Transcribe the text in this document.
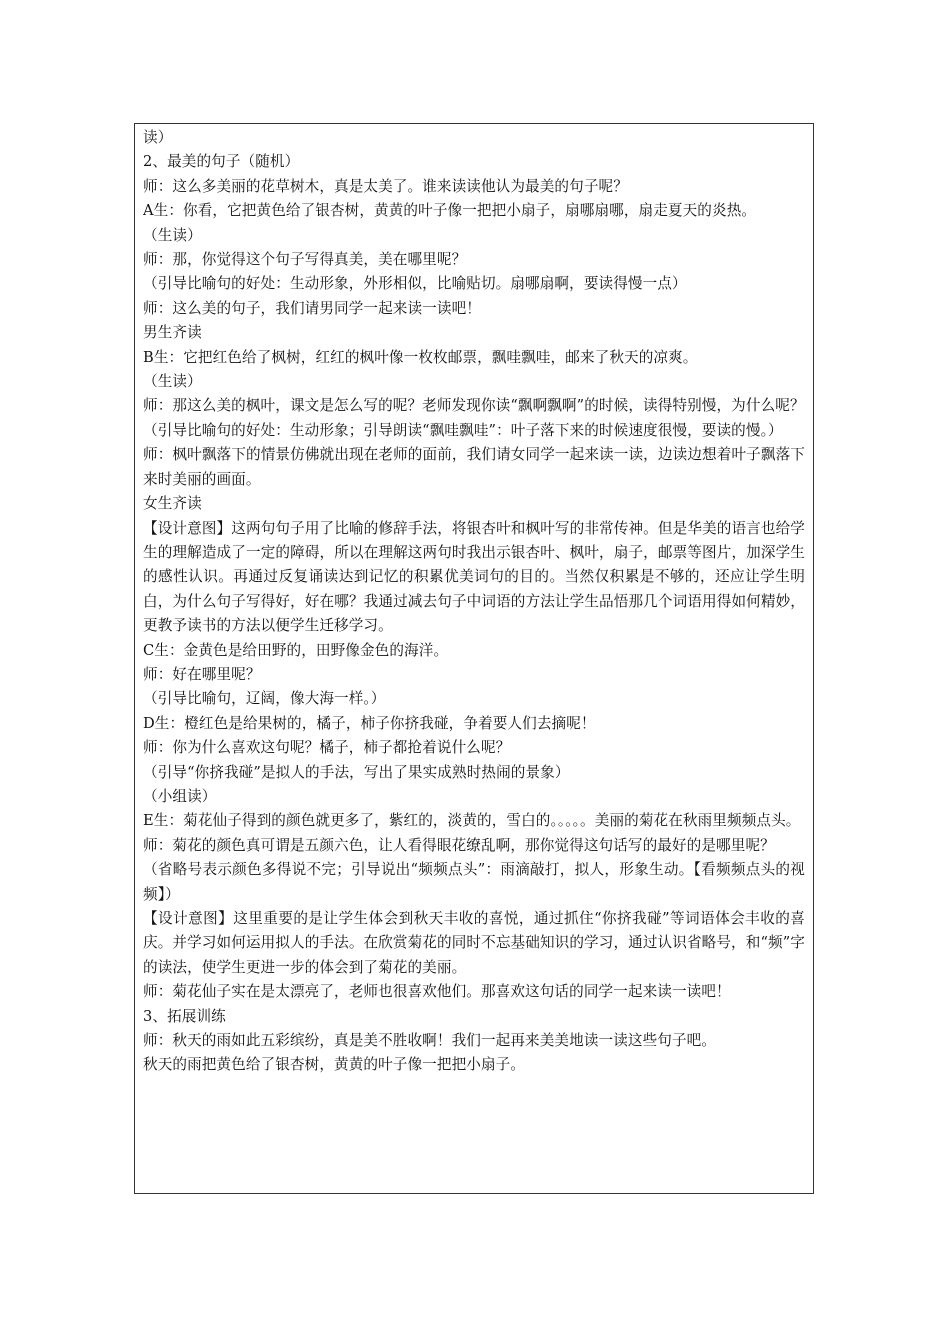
读）
2、最美的句子（随机）
师：这么多美丽的花草树木，真是太美了。谁来读读他认为最美的句子呢？
A生：你看，它把黄色给了银杏树，黄黄的叶子像一把把小扇子，扇哪扇哪，扇走夏天的炎热。
（生读）
师：那，你觉得这个句子写得真美，美在哪里呢？
（引导比喻句的好处：生动形象，外形相似，比喻贴切。扇哪扇啊，要读得慢一点）
师：这么美的句子，我们请男同学一起来读一读吧！
男生齐读
B生：它把红色给了枫树，红红的枫叶像一枚枚邮票，飘哇飘哇，邮来了秋天的凉爽。
（生读）
师：那这么美的枫叶，课文是怎么写的呢？老师发现你读“飘啊飘啊”的时候，读得特别慢，为什么呢？
（引导比喻句的好处：生动形象；引导朗读“飘哇飘哇”：叶子落下来的时候速度很慢，要读的慢。）
师：枫叶飘落下的情景仿佛就出现在老师的面前，我们请女同学一起来读一读，边读边想着叶子飘落下来时美丽的画面。
女生齐读
【设计意图】这两句句子用了比喻的修辞手法，将银杏叶和枫叶写的非常传神。但是华美的语言也给学生的理解造成了一定的障碍，所以在理解这两句时我出示银杏叶、枫叶，扇子，邮票等图片，加深学生的感性认识。再通过反复诵读达到记忆的积累优美词句的目的。当然仅积累是不够的，还应让学生明白，为什么句子写得好，好在哪？我通过减去句子中词语的方法让学生品悟那几个词语用得如何精妙，更教予读书的方法以便学生迁移学习。
C生：金黄色是给田野的，田野像金色的海洋。
师：好在哪里呢？
（引导比喻句，辽阔，像大海一样。）
D生：橙红色是给果树的，橘子，柿子你挤我碰，争着要人们去摘呢！
师：你为什么喜欢这句呢？橘子，柿子都抢着说什么呢？
（引导“你挤我碰”是拟人的手法，写出了果实成熟时热闹的景象）
（小组读）
E生：菊花仙子得到的颜色就更多了，紫红的，淡黄的，雪白的。。。。。美丽的菊花在秋雨里频频点头。
师：菊花的颜色真可谓是五颜六色，让人看得眼花缭乱啊，那你觉得这句话写的最好的是哪里呢？
（省略号表示颜色多得说不完；引导说出“频频点头”：雨滴敲打，拟人，形象生动。【看频频点头的视频】）
【设计意图】这里重要的是让学生体会到秋天丰收的喜悦，通过抓住“你挤我碰”等词语体会丰收的喜庆。并学习如何运用拟人的手法。在欣赏菊花的同时不忘基础知识的学习，通过认识省略号，和“频”字的读法，使学生更进一步的体会到了菊花的美丽。
师：菊花仙子实在是太漂亮了，老师也很喜欢他们。那喜欢这句话的同学一起来读一读吧！
3、拓展训练
师：秋天的雨如此五彩缤纷，真是美不胜收啊！我们一起再来美美地读一读这些句子吧。
秋天的雨把黄色给了银杏树，黄黄的叶子像一把把小扇子。
